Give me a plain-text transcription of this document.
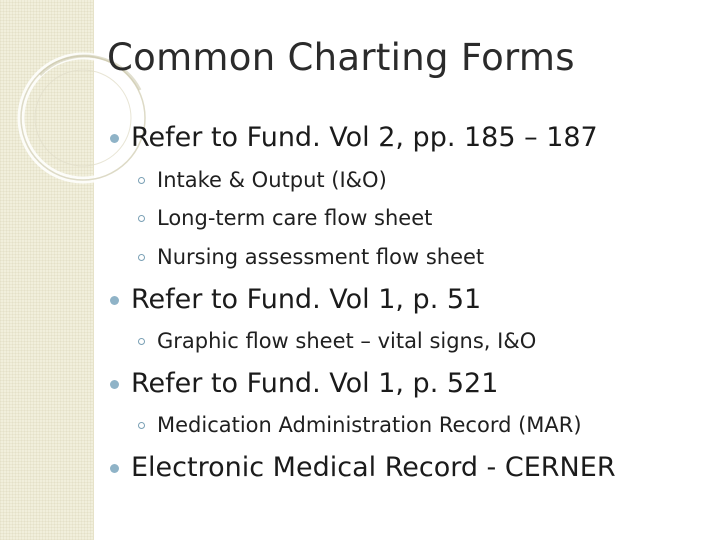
Common Charting Forms
Refer to Fund. Vol 2, pp. 185 – 187
Intake & Output (I&O)
Long-term care flow sheet
Nursing assessment flow sheet
Refer to Fund. Vol 1, p. 51
Graphic flow sheet – vital signs, I&O
Refer to Fund. Vol 1, p. 521
Medication Administration Record (MAR)
Electronic Medical Record - CERNER
